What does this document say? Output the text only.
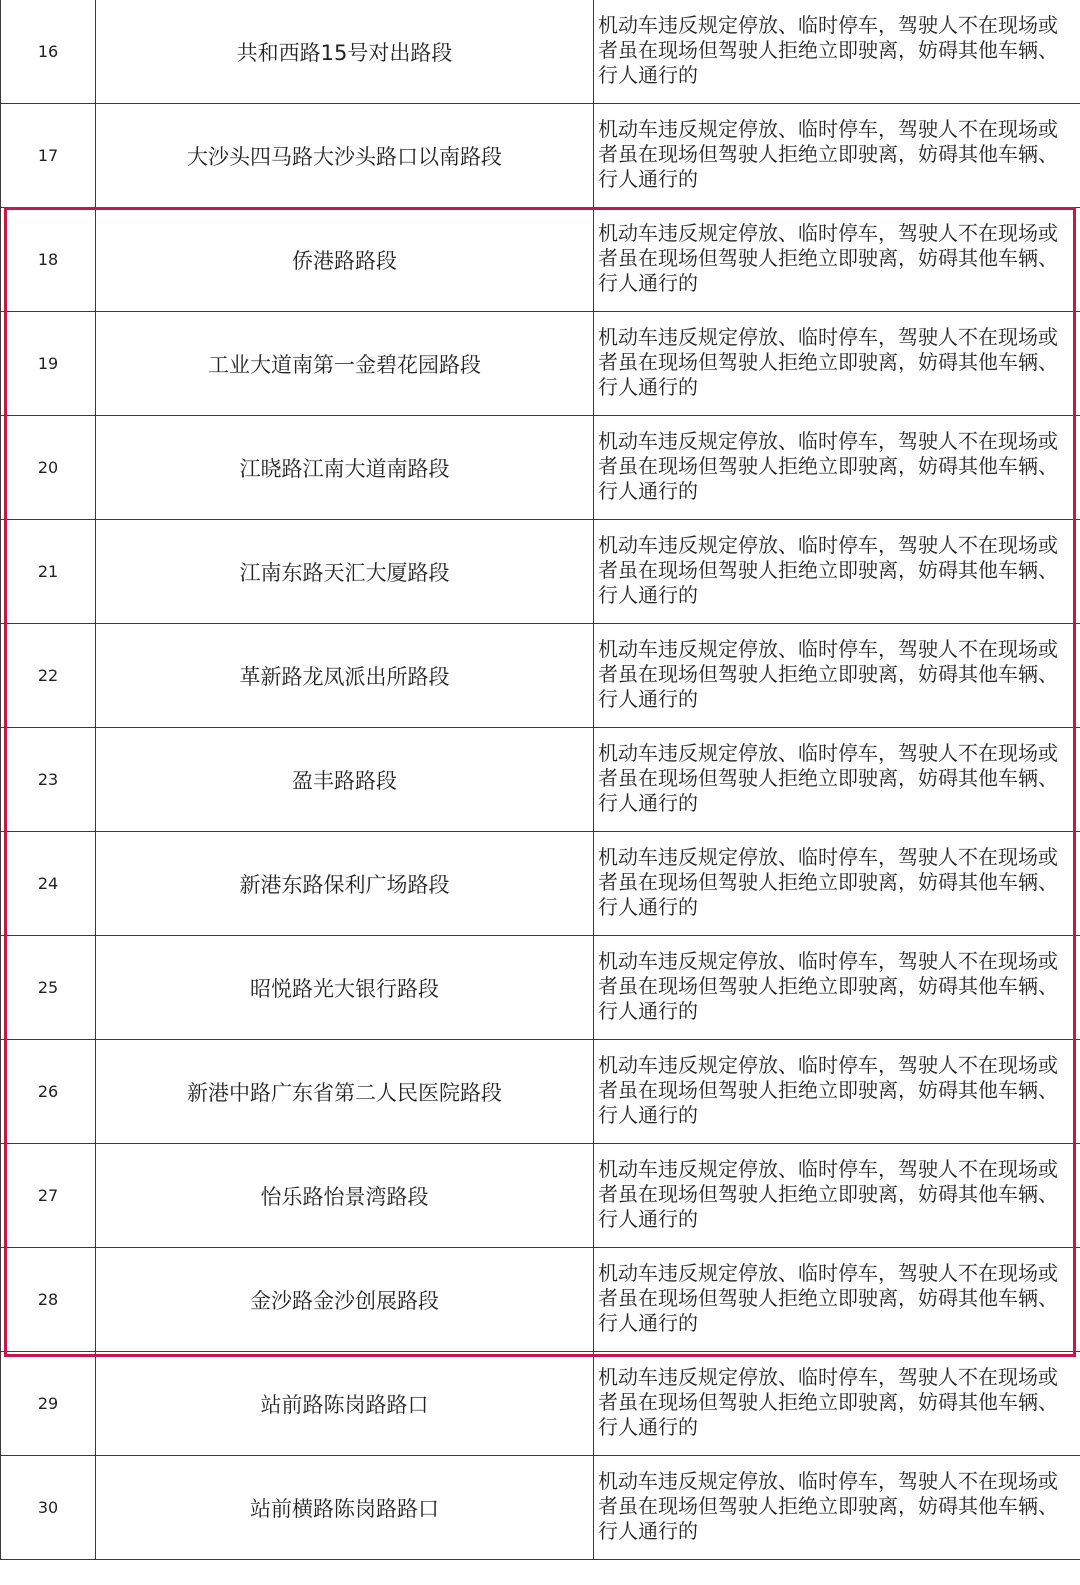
16	共和西路15号对出路段	机动车违反规定停放、临时停车，驾驶人不在现场或者虽在现场但驾驶人拒绝立即驶离，妨碍其他车辆、行人通行的

17	大沙头四马路大沙头路口以南路段	机动车违反规定停放、临时停车，驾驶人不在现场或者虽在现场但驾驶人拒绝立即驶离，妨碍其他车辆、行人通行的

18	侨港路路段	机动车违反规定停放、临时停车，驾驶人不在现场或者虽在现场但驾驶人拒绝立即驶离，妨碍其他车辆、行人通行的

19	工业大道南第一金碧花园路段	机动车违反规定停放、临时停车，驾驶人不在现场或者虽在现场但驾驶人拒绝立即驶离，妨碍其他车辆、行人通行的

20	江晓路江南大道南路段	机动车违反规定停放、临时停车，驾驶人不在现场或者虽在现场但驾驶人拒绝立即驶离，妨碍其他车辆、行人通行的

21	江南东路天汇大厦路段	机动车违反规定停放、临时停车，驾驶人不在现场或者虽在现场但驾驶人拒绝立即驶离，妨碍其他车辆、行人通行的

22	革新路龙凤派出所路段	机动车违反规定停放、临时停车，驾驶人不在现场或者虽在现场但驾驶人拒绝立即驶离，妨碍其他车辆、行人通行的

23	盈丰路路段	机动车违反规定停放、临时停车，驾驶人不在现场或者虽在现场但驾驶人拒绝立即驶离，妨碍其他车辆、行人通行的

24	新港东路保利广场路段	机动车违反规定停放、临时停车，驾驶人不在现场或者虽在现场但驾驶人拒绝立即驶离，妨碍其他车辆、行人通行的

25	昭悦路光大银行路段	机动车违反规定停放、临时停车，驾驶人不在现场或者虽在现场但驾驶人拒绝立即驶离，妨碍其他车辆、行人通行的

26	新港中路广东省第二人民医院路段	机动车违反规定停放、临时停车，驾驶人不在现场或者虽在现场但驾驶人拒绝立即驶离，妨碍其他车辆、行人通行的

27	怡乐路怡景湾路段	机动车违反规定停放、临时停车，驾驶人不在现场或者虽在现场但驾驶人拒绝立即驶离，妨碍其他车辆、行人通行的

28	金沙路金沙创展路段	机动车违反规定停放、临时停车，驾驶人不在现场或者虽在现场但驾驶人拒绝立即驶离，妨碍其他车辆、行人通行的

29	站前路陈岗路路口	机动车违反规定停放、临时停车，驾驶人不在现场或者虽在现场但驾驶人拒绝立即驶离，妨碍其他车辆、行人通行的

30	站前横路陈岗路路口	机动车违反规定停放、临时停车，驾驶人不在现场或者虽在现场但驾驶人拒绝立即驶离，妨碍其他车辆、行人通行的
